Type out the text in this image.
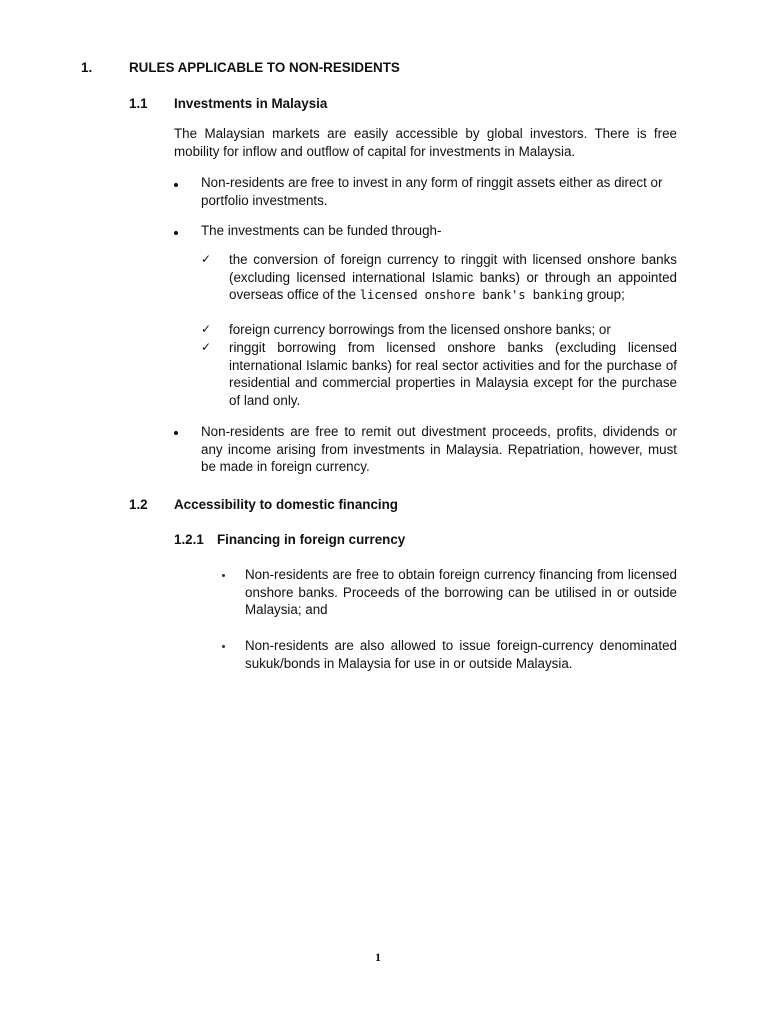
1.	RULES APPLICABLE TO NON-RESIDENTS
1.1 Investments in Malaysia
The Malaysian markets are easily accessible by global investors. There is free mobility for inflow and outflow of capital for investments in Malaysia.
Non-residents are free to invest in any form of ringgit assets either as direct or portfolio investments.
The investments can be funded through-
✓ the conversion of foreign currency to ringgit with licensed onshore banks (excluding licensed international Islamic banks) or through an appointed overseas office of the licensed onshore bank's banking group;
✓ foreign currency borrowings from the licensed onshore banks; or
✓ ringgit borrowing from licensed onshore banks (excluding licensed international Islamic banks) for real sector activities and for the purchase of residential and commercial properties in Malaysia except for the purchase of land only.
Non-residents are free to remit out divestment proceeds, profits, dividends or any income arising from investments in Malaysia. Repatriation, however, must be made in foreign currency.
1.2 Accessibility to domestic financing
1.2.1 Financing in foreign currency
Non-residents are free to obtain foreign currency financing from licensed onshore banks. Proceeds of the borrowing can be utilised in or outside Malaysia; and
Non-residents are also allowed to issue foreign-currency denominated sukuk/bonds in Malaysia for use in or outside Malaysia.
1
